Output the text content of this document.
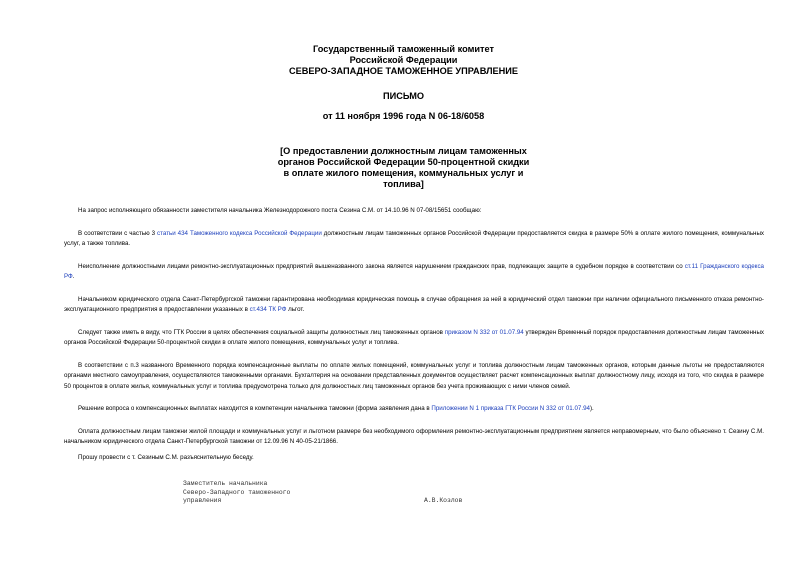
Государственный таможенный комитет
Российской Федерации
СЕВЕРО-ЗАПАДНОЕ ТАМОЖЕННОЕ УПРАВЛЕНИЕ
ПИСЬМО
от 11 ноября 1996 года N 06-18/6058
[О предоставлении должностным лицам таможенных
органов Российской Федерации 50-процентной скидки
в оплате жилого помещения, коммунальных услуг и
топлива]

На запрос исполняющего обязанности заместителя начальника Железнодорожного поста Сезина С.М. от 14.10.96 N 07-08/15651 сообщаю:

В соответствии с частью 3 статьи 434 Таможенного кодекса Российской Федерации должностным лицам таможенных органов Российской Федерации предоставляется скидка в размере 50% в оплате жилого помещения, коммунальных услуг, а также топлива.

Неисполнение должностными лицами ремонтно-эксплуатационных предприятий вышеназванного закона является нарушением гражданских прав, подлежащих защите в судебном порядке в соответствии со ст.11 Гражданского кодекса РФ.

Начальником юридического отдела Санкт-Петербургской таможни гарантирована необходимая юридическая помощь в случае обращения за ней в юридический отдел таможни при наличии официального письменного отказа ремонтно-эксплуатационного предприятия в предоставлении указанных в ст.434 ТК РФ льгот.

Следует также иметь в виду, что ГТК России в целях обеспечения социальной защиты должностных лиц таможенных органов приказом N 332 от 01.07.94 утвержден Временный порядок предоставления должностным лицам таможенных органов Российской Федерации 50-процентной скидки в оплате жилого помещения, коммунальных услуг и топлива.

В соответствии с п.3 названного Временного порядка компенсационные выплаты по оплате жилых помещений, коммунальных услуг и топлива должностным лицам таможенных органов, которым данные льготы не предоставляются органами местного самоуправления, осуществляются таможенными органами. Бухгалтерия на основании представленных документов осуществляет расчет компенсационных выплат должностному лицу, исходя из того, что скидка в размере 50 процентов в оплате жилья, коммунальных услуг и топлива предусмотрена только для должностных лиц таможенных органов без учета проживающих с ними членов семей.

Решение вопроса о компенсационных выплатах находится в компетенции начальника таможни (форма заявления дана в Приложении N 1 приказа ГТК России N 332 от 01.07.94).

Оплата должностным лицам таможни жилой площади и коммунальных услуг и льготном размере без необходимого оформления ремонтно-эксплуатационным предприятием является неправомерным, что было объяснено т. Сезину С.М. начальником юридического отдела Санкт-Петербургской таможни от 12.09.96 N 40-05-21/1866.

Прошу провести с т. Сезиным С.М. разъяснительную беседу.

Заместитель начальника
Северо-Западного таможенного
управления	А.В.Козлов
